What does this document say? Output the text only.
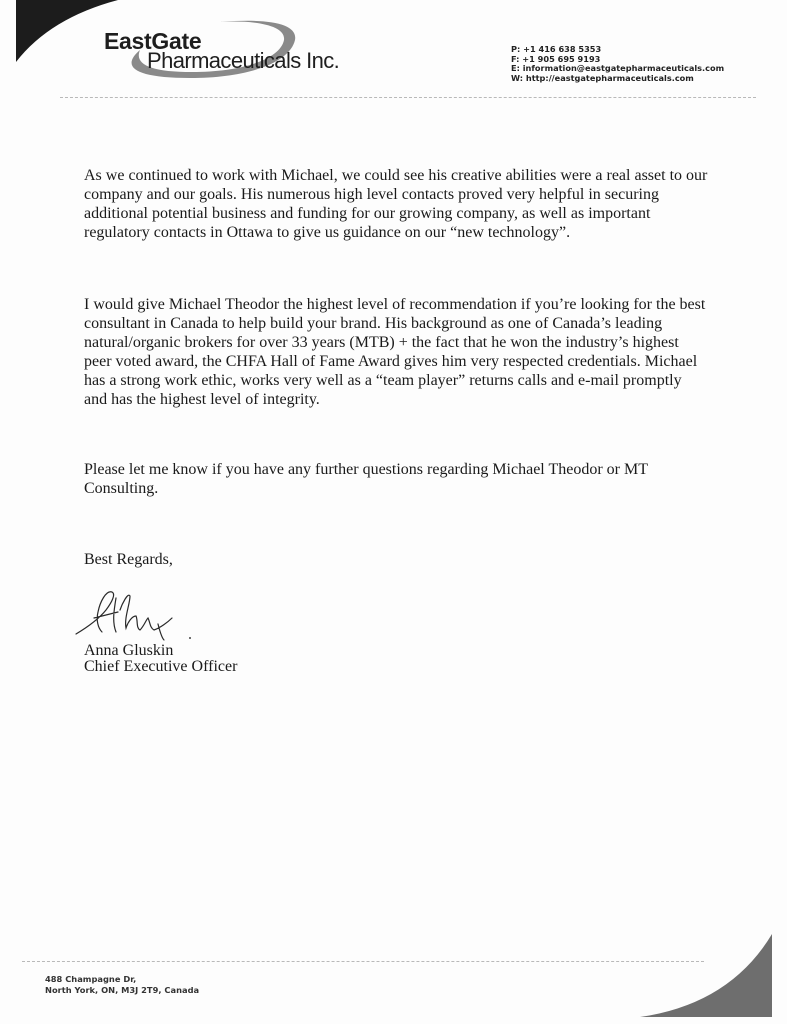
EastGate
Pharmaceuticals Inc.	P: +1 416 638 5353
F: +1 905 695 9193
E: information@eastgatepharmaceuticals.com
W: http://eastgatepharmaceuticals.com
As we continued to work with Michael, we could see his creative abilities were a real asset to our
company and our goals. His numerous high level contacts proved very helpful in securing
additional potential business and funding for our growing company, as well as important
regulatory contacts in Ottawa to give us guidance on our “new technology”.
I would give Michael Theodor the highest level of recommendation if you’re looking for the best
consultant in Canada to help build your brand. His background as one of Canada’s leading
natural/organic brokers for over 33 years (MTB) + the fact that he won the industry’s highest
peer voted award, the CHFA Hall of Fame Award gives him very respected credentials. Michael
has a strong work ethic, works very well as a “team player” returns calls and e-mail promptly
and has the highest level of integrity.
Please let me know if you have any further questions regarding Michael Theodor or MT
Consulting.
Best Regards,
Anna Gluskin
Chief Executive Officer
488 Champagne Dr,
North York, ON, M3J 2T9, Canada
